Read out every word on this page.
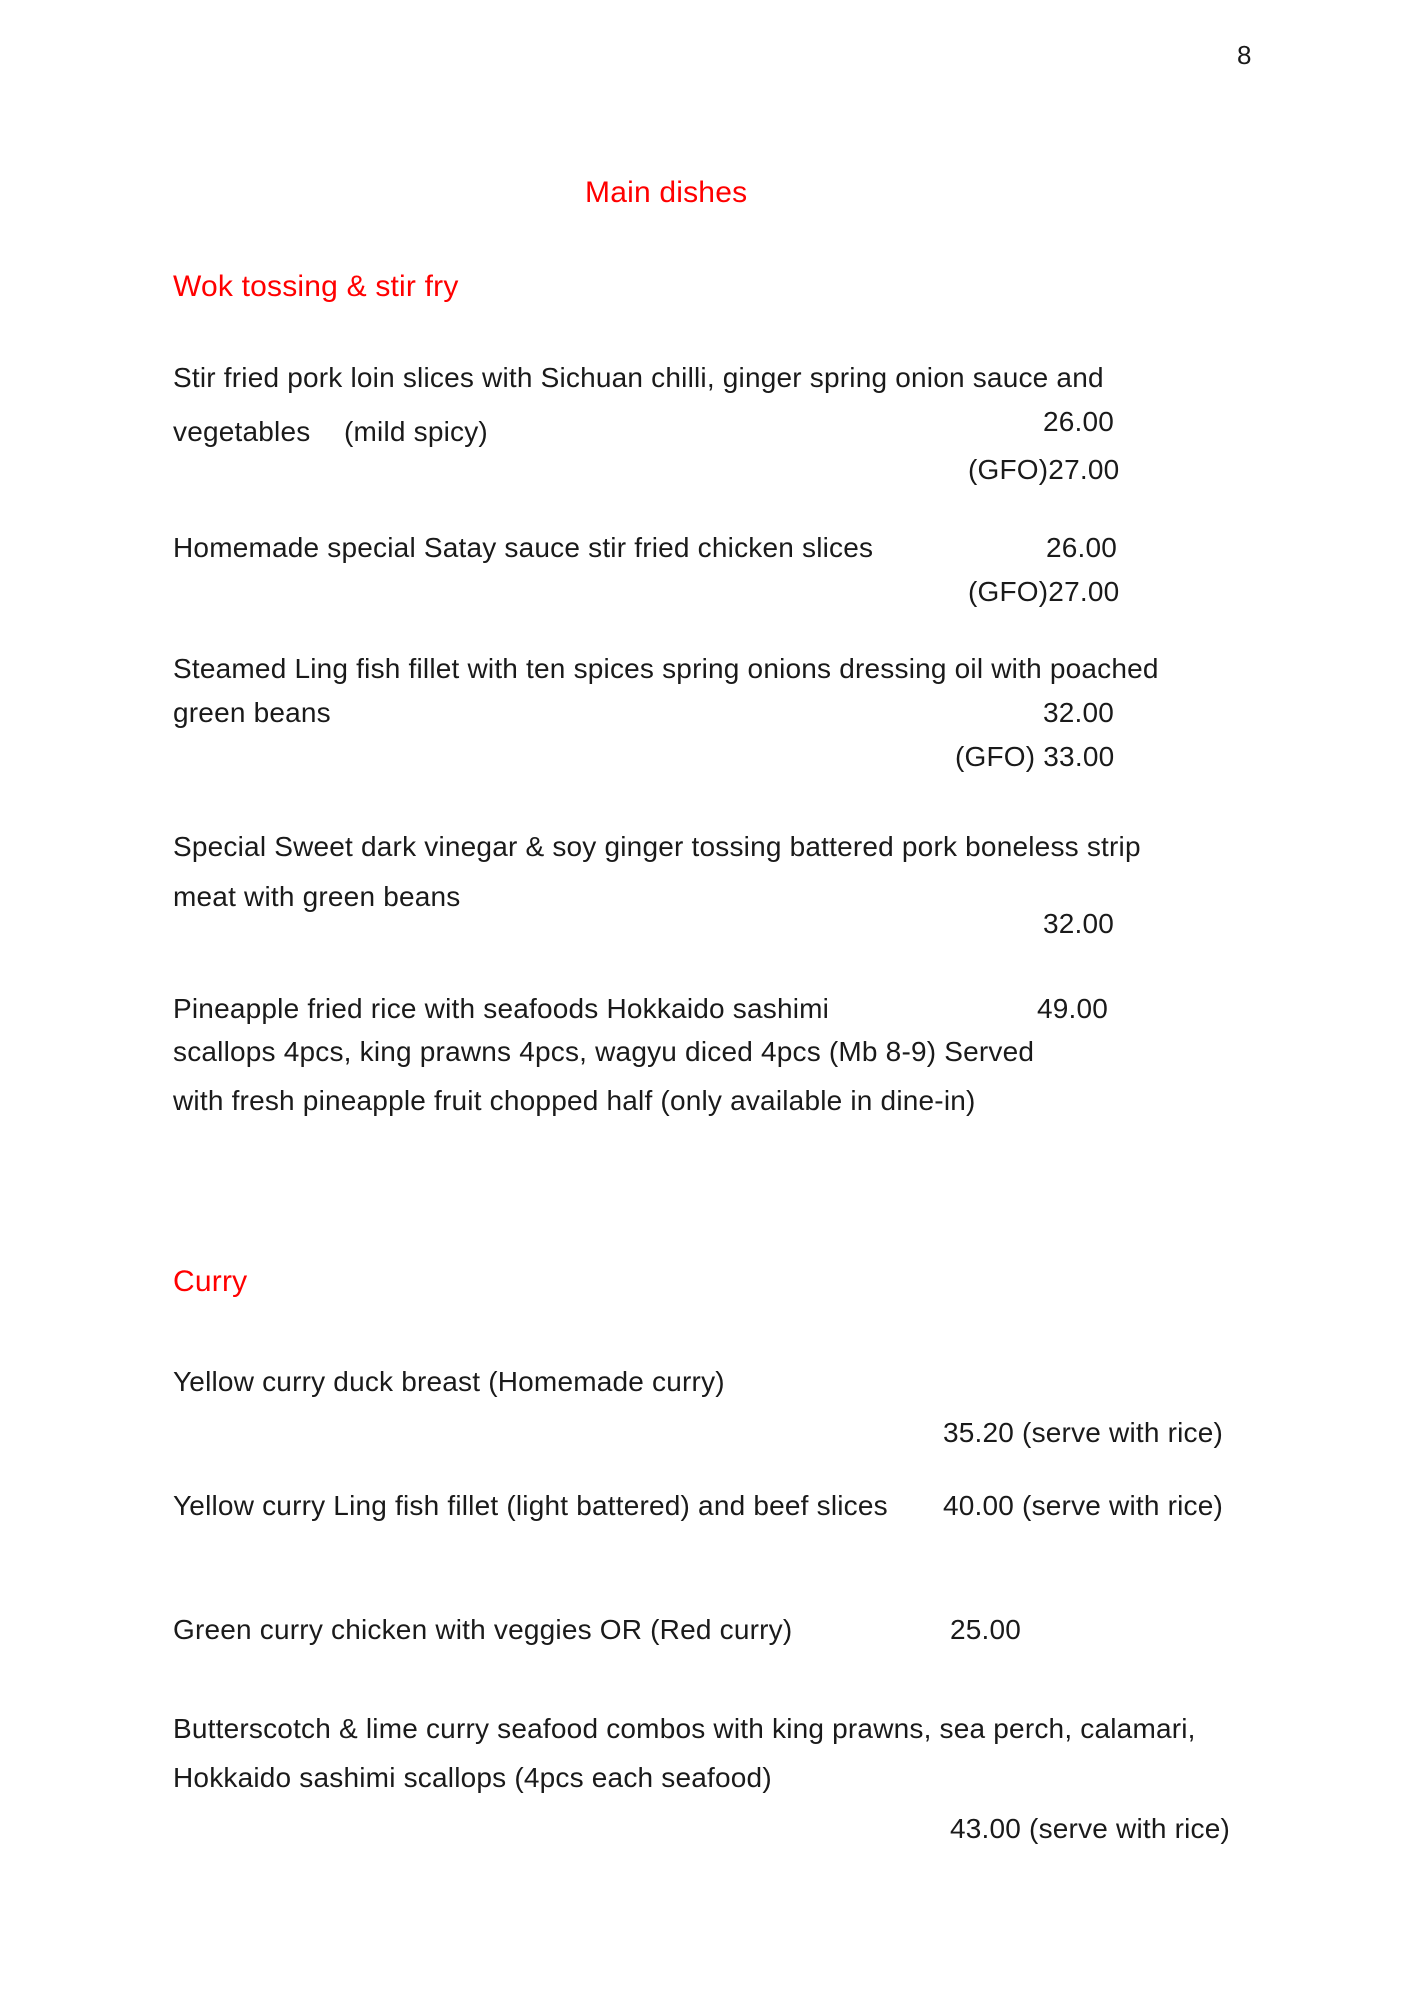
8
Main dishes
Wok tossing & stir fry
Stir fried pork loin slices with Sichuan chilli, ginger spring onion sauce and
vegetables (mild spicy)	26.00
(GFO)27.00
Homemade special Satay sauce stir fried chicken slices	26.00
(GFO)27.00
Steamed Ling fish fillet with ten spices spring onions dressing oil with poached
green beans	32.00
(GFO) 33.00
Special Sweet dark vinegar & soy ginger tossing battered pork boneless strip
meat with green beans
32.00
Pineapple fried rice with seafoods Hokkaido sashimi	49.00
scallops 4pcs, king prawns 4pcs, wagyu diced 4pcs (Mb 8-9) Served
with fresh pineapple fruit chopped half (only available in dine-in)
Curry
Yellow curry duck breast (Homemade curry)
35.20 (serve with rice)
Yellow curry Ling fish fillet (light battered) and beef slices 40.00 (serve with rice)
Green curry chicken with veggies OR (Red curry)	25.00
Butterscotch & lime curry seafood combos with king prawns, sea perch, calamari,
Hokkaido sashimi scallops (4pcs each seafood)
43.00 (serve with rice)
